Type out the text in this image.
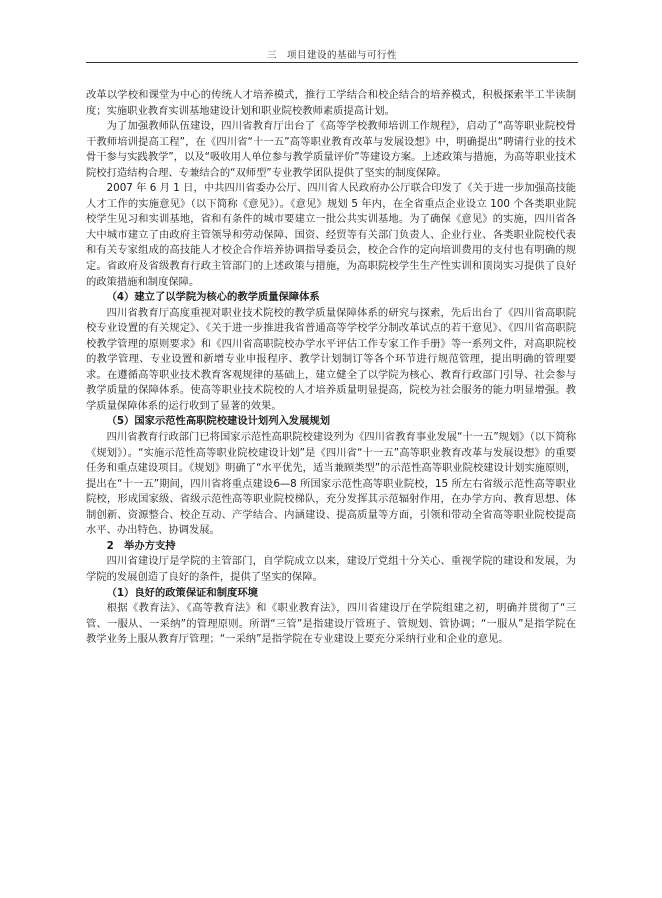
三　项目建设的基础与可行性

改革以学校和课堂为中心的传统人才培养模式，推行工学结合和校企结合的培养模式，积极探索半工半读制度；实施职业教育实训基地建设计划和职业院校教师素质提高计划。

为了加强教师队伍建设，四川省教育厅出台了《高等学校教师培训工作规程》，启动了“高等职业院校骨干教师培训提高工程”，在《四川省“十一五”高等职业教育改革与发展设想》中，明确提出“聘请行业的技术骨干参与实践教学”，以及“吸收用人单位参与教学质量评价”等建设方案。上述政策与措施，为高等职业技术院校打造结构合理、专兼结合的“双师型”专业教学团队提供了坚实的制度保障。

2007 年 6 月 1 日，中共四川省委办公厅、四川省人民政府办公厅联合印发了《关于进一步加强高技能人才工作的实施意见》（以下简称《意见》）。《意见》规划 5 年内，在全省重点企业设立 100 个各类职业院校学生见习和实训基地，省和有条件的城市要建立一批公共实训基地。为了确保《意见》的实施，四川省各大中城市建立了由政府主管领导和劳动保障、国资、经贸等有关部门负责人、企业行业、各类职业院校代表和有关专家组成的高技能人才校企合作培养协调指导委员会，校企合作的定向培训费用的支付也有明确的规定。省政府及省级教育行政主管部门的上述政策与措施，为高职院校学生生产性实训和顶岗实习提供了良好的政策措施和制度保障。

（4）建立了以学院为核心的教学质量保障体系

四川省教育厅高度重视对职业技术院校的教学质量保障体系的研究与探索，先后出台了《四川省高职院校专业设置的有关规定》、《关于进一步推进我省普通高等学校学分制改革试点的若干意见》、《四川省高职院校教学管理的原则要求》和《四川省高职院校办学水平评估工作专家工作手册》等一系列文件，对高职院校的教学管理、专业设置和新增专业申报程序、教学计划制订等各个环节进行规范管理，提出明确的管理要求。在遵循高等职业技术教育客观规律的基础上，建立健全了以学院为核心、教育行政部门引导、社会参与教学质量的保障体系。使高等职业技术院校的人才培养质量明显提高，院校为社会服务的能力明显增强。教学质量保障体系的运行收到了显著的效果。

（5）国家示范性高职院校建设计划列入发展规划

四川省教育行政部门已将国家示范性高职院校建设列为《四川省教育事业发展“十一五”规划》（以下简称《规划》）。“实施示范性高等职业院校建设计划”是《四川省“十一五”高等职业教育改革与发展设想》的重要任务和重点建设项目。《规划》明确了“水平优先，适当兼顾类型”的示范性高等职业院校建设计划实施原则，提出在“十一五”期间，四川省将重点建设6—8 所国家示范性高等职业院校，15 所左右省级示范性高等职业院校，形成国家级、省级示范性高等职业院校梯队，充分发挥其示范辐射作用，在办学方向、教育思想、体制创新、资源整合、校企互动、产学结合、内涵建设、提高质量等方面，引领和带动全省高等职业院校提高水平、办出特色、协调发展。

2　举办方支持

四川省建设厅是学院的主管部门，自学院成立以来，建设厅党组十分关心、重视学院的建设和发展，为学院的发展创造了良好的条件，提供了坚实的保障。

（1）良好的政策保证和制度环境

根据《教育法》、《高等教育法》和《职业教育法》，四川省建设厅在学院组建之初，明确并贯彻了“三管、一服从、一采纳”的管理原则。所谓“三管”是指建设厅管班子、管规划、管协调；“一服从”是指学院在教学业务上服从教育厅管理；“一采纳”是指学院在专业建设上要充分采纳行业和企业的意见。
